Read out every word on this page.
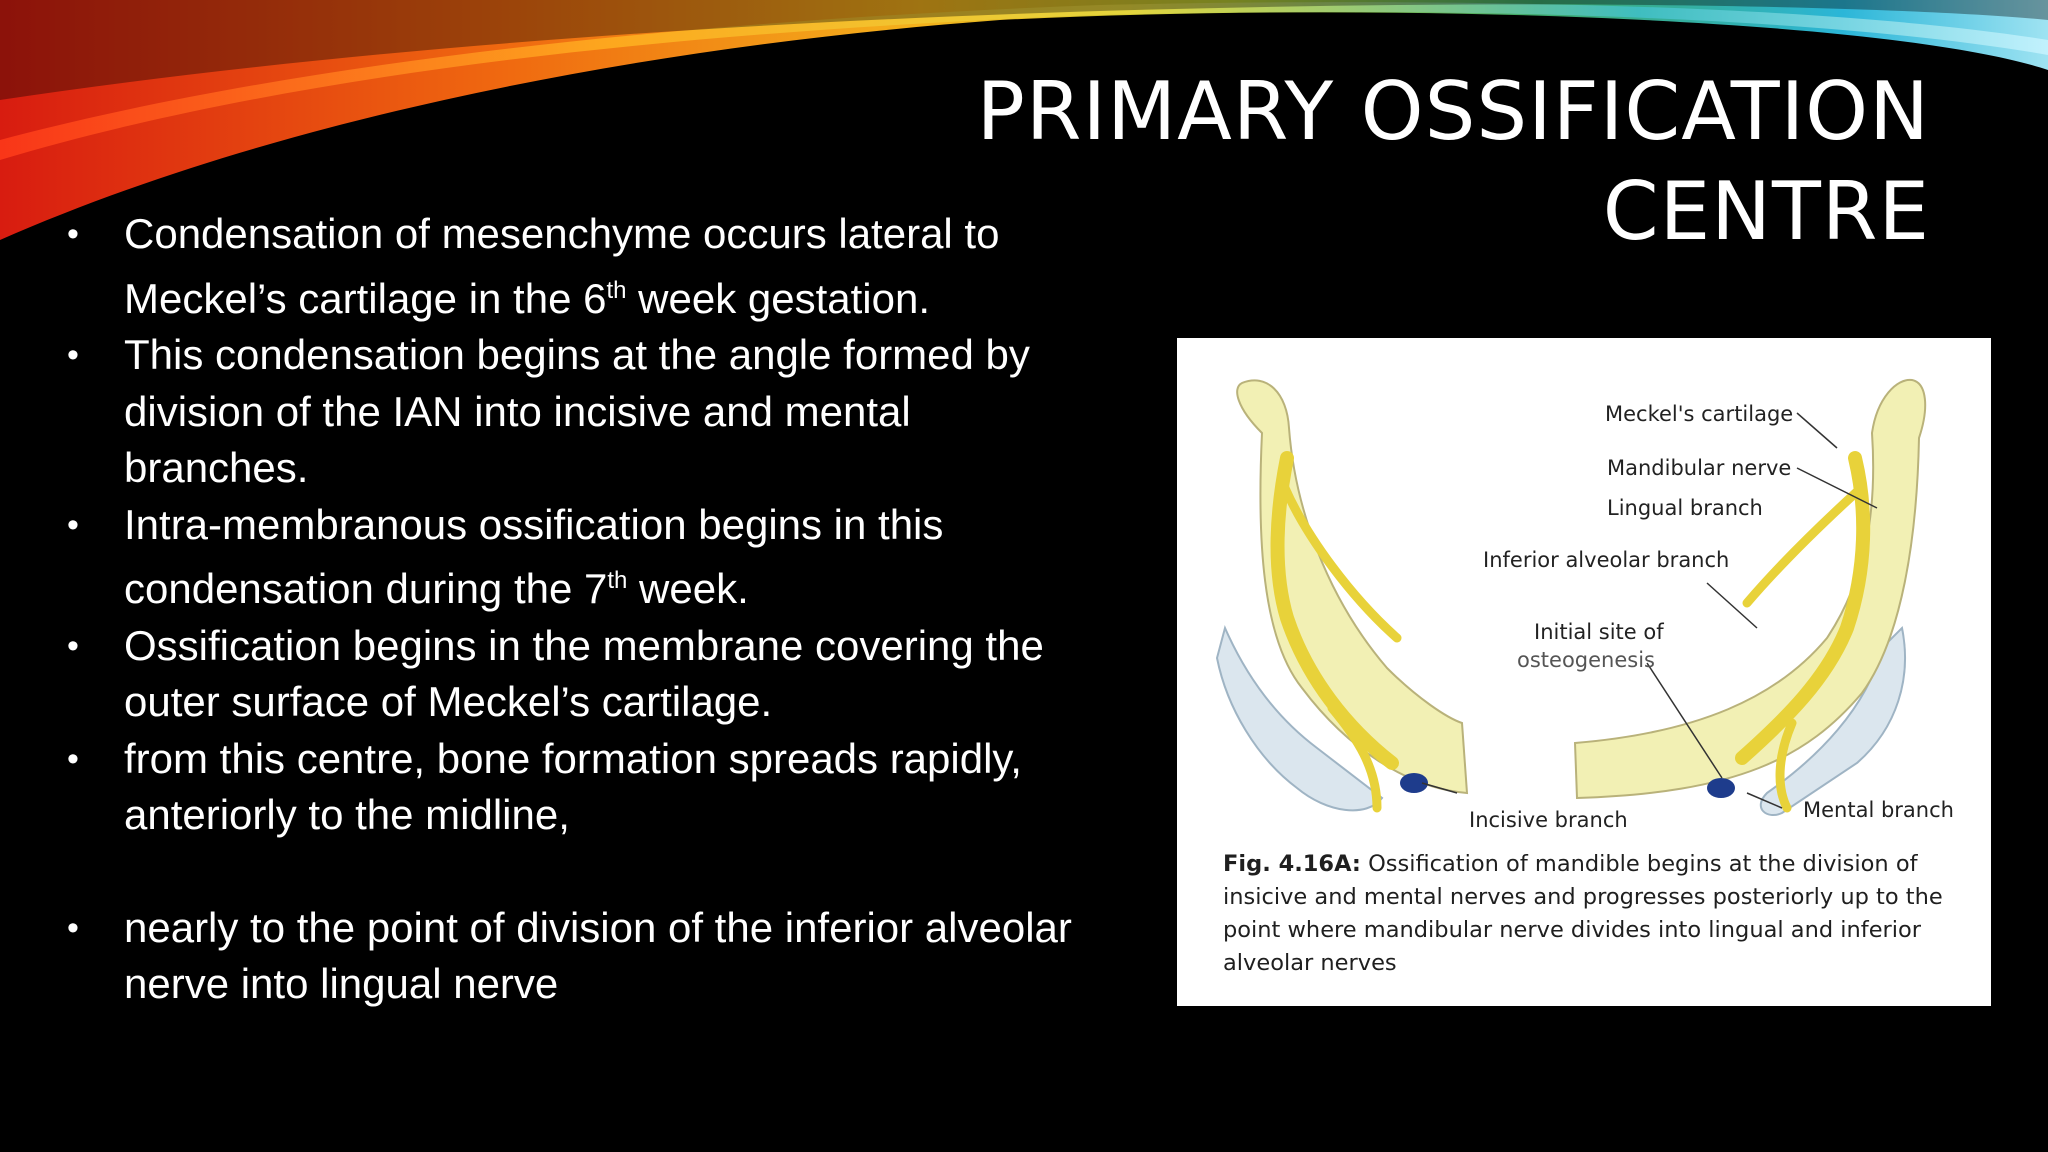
PRIMARY OSSIFICATION
CENTRE
• Condensation of mesenchyme occurs lateral to Meckel’s cartilage in the 6th week gestation.
• This condensation begins at the angle formed by division of the IAN into incisive and mental branches.
• Intra-membranous ossification begins in this condensation during the 7th week.
• Ossification begins in the membrane covering the outer surface of Meckel’s cartilage.
• from this centre, bone formation spreads rapidly, anteriorly to the midline,
• nearly to the point of division of the inferior alveolar nerve into lingual nerve
Meckel's cartilage
Mandibular nerve
Lingual branch
Inferior alveolar branch
Initial site of
osteogenesis
Incisive branch	Mental branch
Fig. 4.16A: Ossification of mandible begins at the division of insicive and mental nerves and progresses posteriorly up to the point where mandibular nerve divides into lingual and inferior alveolar nerves
